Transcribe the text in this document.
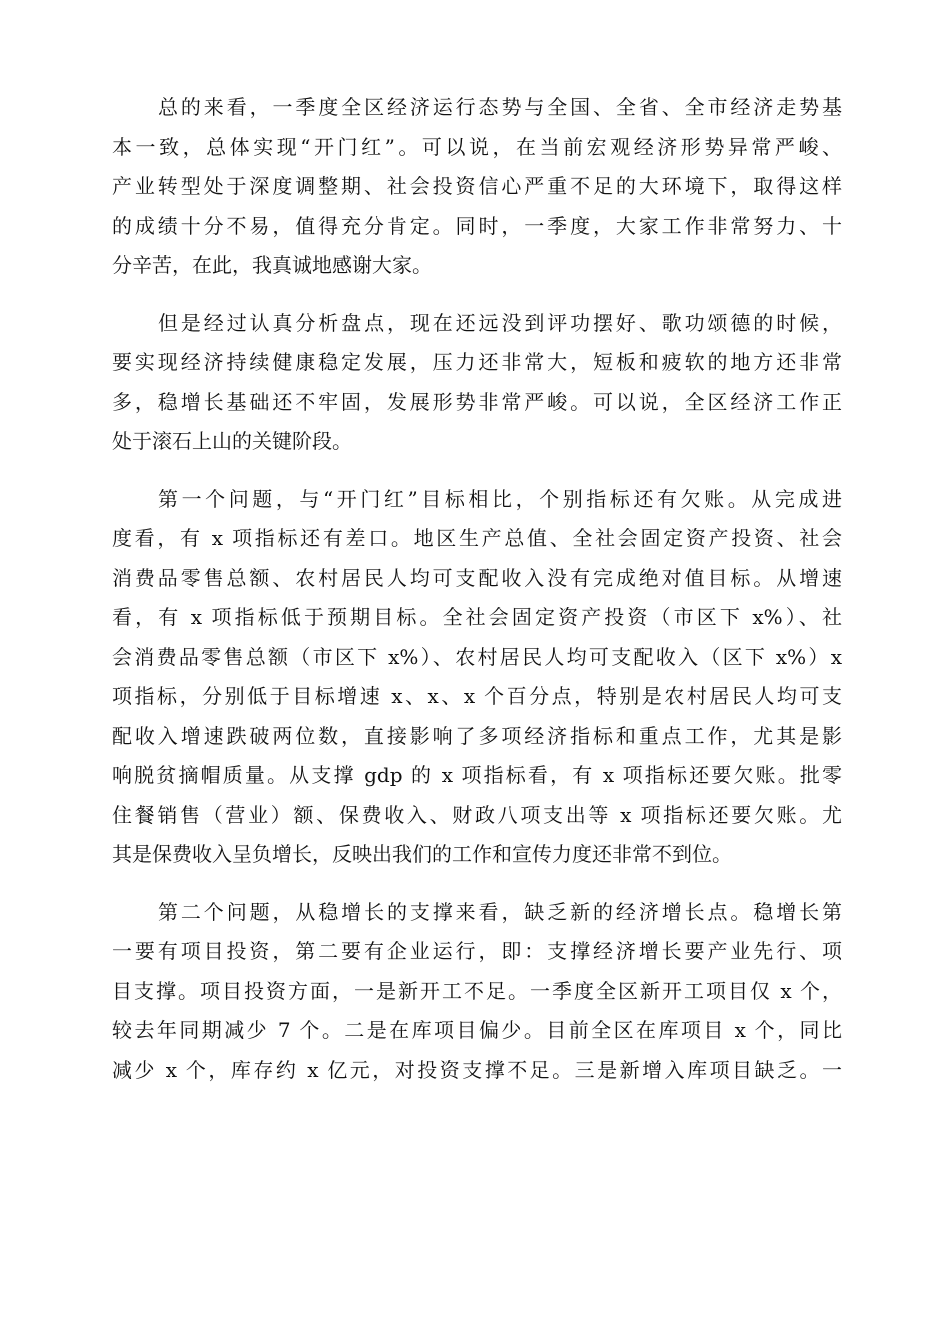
总的来看，一季度全区经济运行态势与全国、全省、全市经济走势基
本一致，总体实现“开门红”。可以说，在当前宏观经济形势异常严峻、
产业转型处于深度调整期、社会投资信心严重不足的大环境下，取得这样
的成绩十分不易，值得充分肯定。同时，一季度，大家工作非常努力、十
分辛苦，在此，我真诚地感谢大家。

但是经过认真分析盘点，现在还远没到评功摆好、歌功颂德的时候，
要实现经济持续健康稳定发展，压力还非常大，短板和疲软的地方还非常
多，稳增长基础还不牢固，发展形势非常严峻。可以说，全区经济工作正
处于滚石上山的关键阶段。

第一个问题，与“开门红”目标相比，个别指标还有欠账。从完成进
度看，有 x 项指标还有差口。地区生产总值、全社会固定资产投资、社会
消费品零售总额、农村居民人均可支配收入没有完成绝对值目标。从增速
看，有 x 项指标低于预期目标。全社会固定资产投资（市区下 x%）、社
会消费品零售总额（市区下 x%）、农村居民人均可支配收入（区下 x%）x
项指标，分别低于目标增速 x、x、x 个百分点，特别是农村居民人均可支
配收入增速跌破两位数，直接影响了多项经济指标和重点工作，尤其是影
响脱贫摘帽质量。从支撑 gdp 的 x 项指标看，有 x 项指标还要欠账。批零
住餐销售（营业）额、保费收入、财政八项支出等 x 项指标还要欠账。尤
其是保费收入呈负增长，反映出我们的工作和宣传力度还非常不到位。

第二个问题，从稳增长的支撑来看，缺乏新的经济增长点。稳增长第
一要有项目投资，第二要有企业运行，即：支撑经济增长要产业先行、项
目支撑。项目投资方面，一是新开工不足。一季度全区新开工项目仅 x 个，
较去年同期减少 7 个。二是在库项目偏少。目前全区在库项目 x 个，同比
减少 x 个，库存约 x 亿元，对投资支撑不足。三是新增入库项目缺乏。一
